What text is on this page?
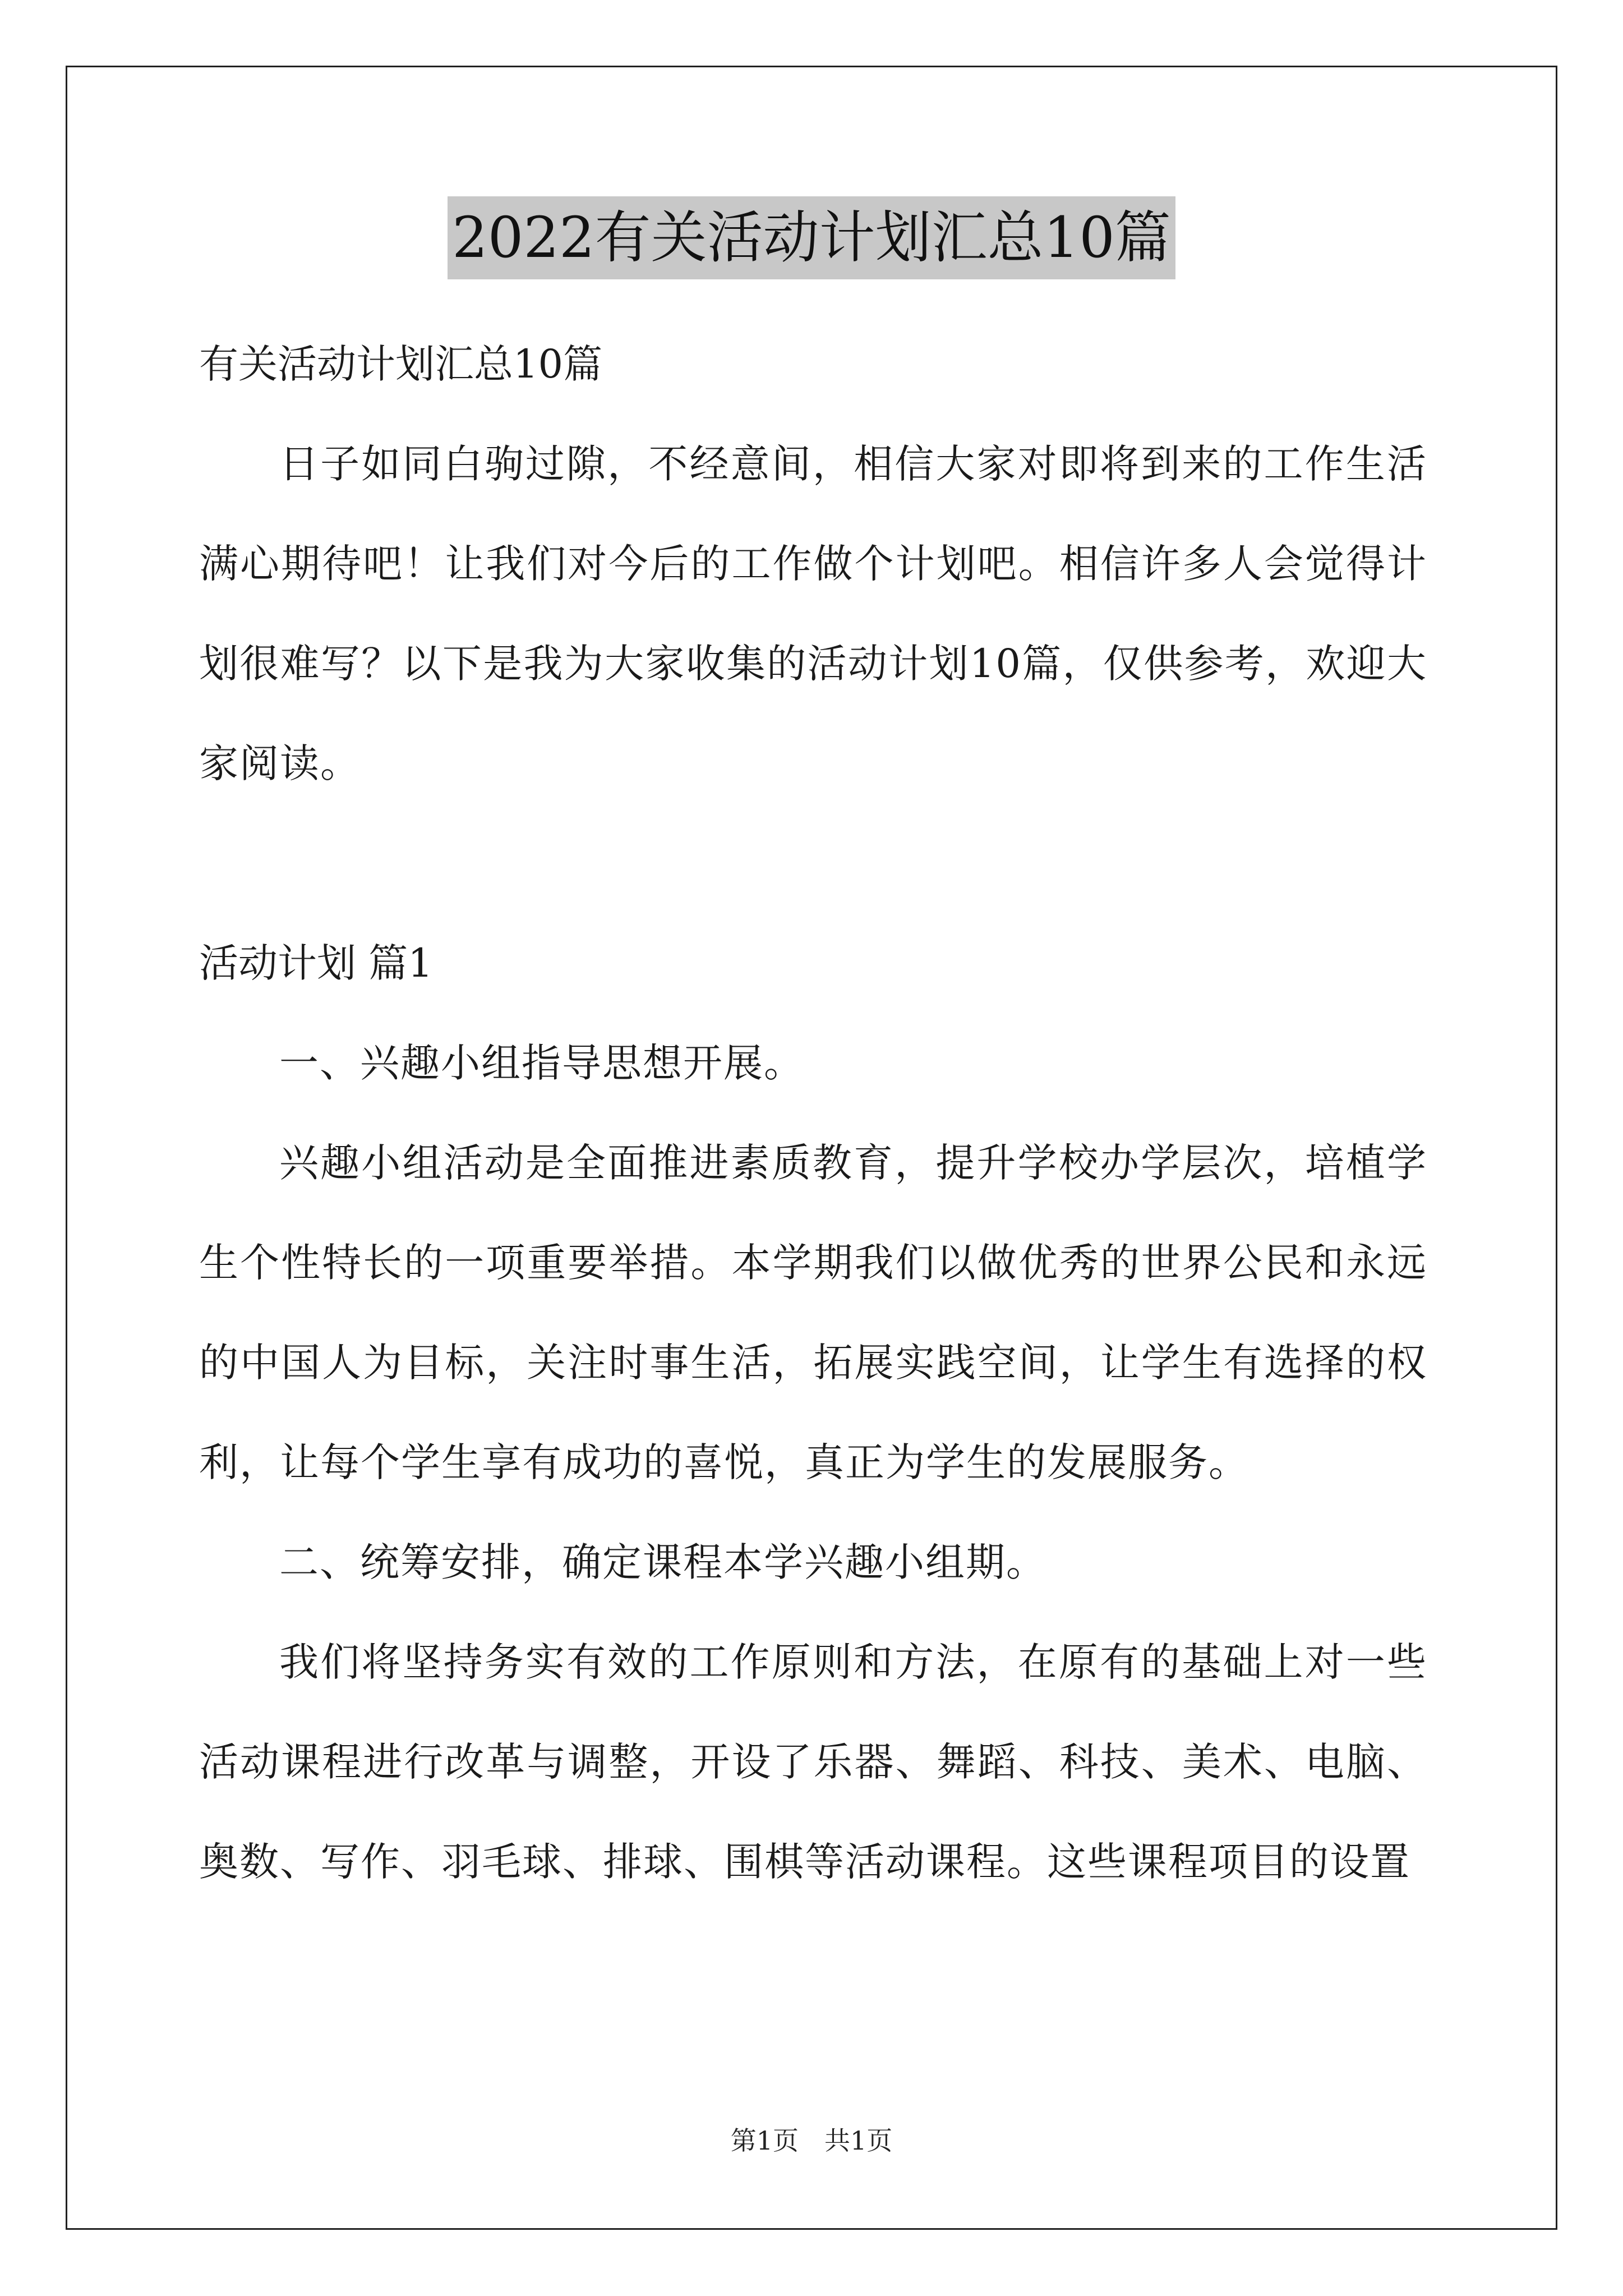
2022有关活动计划汇总10篇

有关活动计划汇总10篇

日子如同白驹过隙，不经意间，相信大家对即将到来的工作生活满心期待吧！让我们对今后的工作做个计划吧。相信许多人会觉得计划很难写？以下是我为大家收集的活动计划10篇，仅供参考，欢迎大家阅读。

活动计划 篇1

一、兴趣小组指导思想开展。

兴趣小组活动是全面推进素质教育，提升学校办学层次，培植学生个性特长的一项重要举措。本学期我们以做优秀的世界公民和永远的中国人为目标，关注时事生活，拓展实践空间，让学生有选择的权利，让每个学生享有成功的喜悦，真正为学生的发展服务。

二、统筹安排，确定课程本学兴趣小组期。

我们将坚持务实有效的工作原则和方法，在原有的基础上对一些活动课程进行改革与调整，开设了乐器、舞蹈、科技、美术、电脑、奥数、写作、羽毛球、排球、围棋等活动课程。这些课程项目的设置

第1页　共1页
